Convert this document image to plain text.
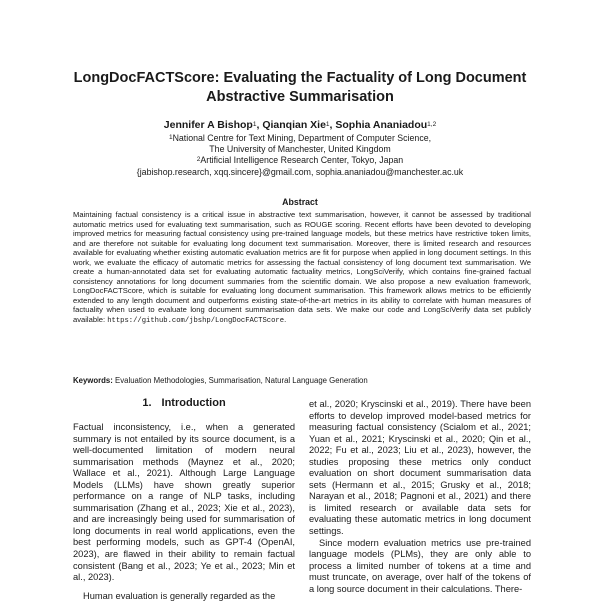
LongDocFACTScore: Evaluating the Factuality of Long Document
Abstractive Summarisation
Jennifer A Bishop$^1$, Qianqian Xie$^1$, Sophia Ananiadou$^{1,2}$
$^1$National Centre for Text Mining, Department of Computer Science,
The University of Manchester, United Kingdom
$^2$Artificial Intelligence Research Center, Tokyo, Japan
{jabishop.research, xqq.sincere}@gmail.com, sophia.ananiadou@manchester.ac.uk
Abstract
Maintaining factual consistency is a critical issue in abstractive text summarisation, however, it cannot be assessed by traditional automatic metrics used for evaluating text summarisation, such as ROUGE scoring. Recent efforts have been devoted to developing improved metrics for measuring factual consistency using pre-trained language models, but these metrics have restrictive token limits, and are therefore not suitable for evaluating long document text summarisation. Moreover, there is limited research and resources available for evaluating whether existing automatic evaluation metrics are fit for purpose when applied in long document settings. In this work, we evaluate the efficacy of automatic metrics for assessing the factual consistency of long document text summarisation. We create a human-annotated data set for evaluating automatic factuality metrics, LongSciVerify, which contains fine-grained factual consistency annotations for long document summaries from the scientific domain. We also propose a new evaluation framework, LongDocFACTScore, which is suitable for evaluating long document summarisation. This framework allows metrics to be efficiently extended to any length document and outperforms existing state-of-the-art metrics in its ability to correlate with human measures of factuality when used to evaluate long document summarisation data sets. We make our code and LongSciVerify data set publicly available: https://github.com/jbshp/LongDocFACTScore.
Keywords: Evaluation Methodologies, Summarisation, Natural Language Generation
1. Introduction

Factual inconsistency, i.e., when a generated summary is not entailed by its source document, is a well-documented limitation of modern neural summarisation methods (Maynez et al., 2020; Wallace et al., 2021). Although Large Language Models (LLMs) have shown greatly superior performance on a range of NLP tasks, including summarisation (Zhang et al., 2023; Xie et al., 2023), and are increasingly being used for summarisation of long documents in real world applications, even the best performing models, such as GPT-4 (OpenAI, 2023), are flawed in their ability to remain factual consistent (Bang et al., 2023; Ye et al., 2023; Min et al., 2023).

Human evaluation is generally regarded as the

et al., 2020; Kryscinski et al., 2019). There have been efforts to develop improved model-based metrics for measuring factual consistency (Scialom et al., 2021; Yuan et al., 2021; Kryscinski et al., 2020; Qin et al., 2022; Fu et al., 2023; Liu et al., 2023), however, the studies proposing these metrics only conduct evaluation on short document summarisation data sets (Hermann et al., 2015; Grusky et al., 2018; Narayan et al., 2018; Pagnoni et al., 2021) and there is limited research or available data sets for evaluating these automatic metrics in long document settings.

Since modern evaluation metrics use pre-trained language models (PLMs), they are only able to process a limited number of tokens at a time and must truncate, on average, over half of the tokens of a long source document in their calculations. There-
